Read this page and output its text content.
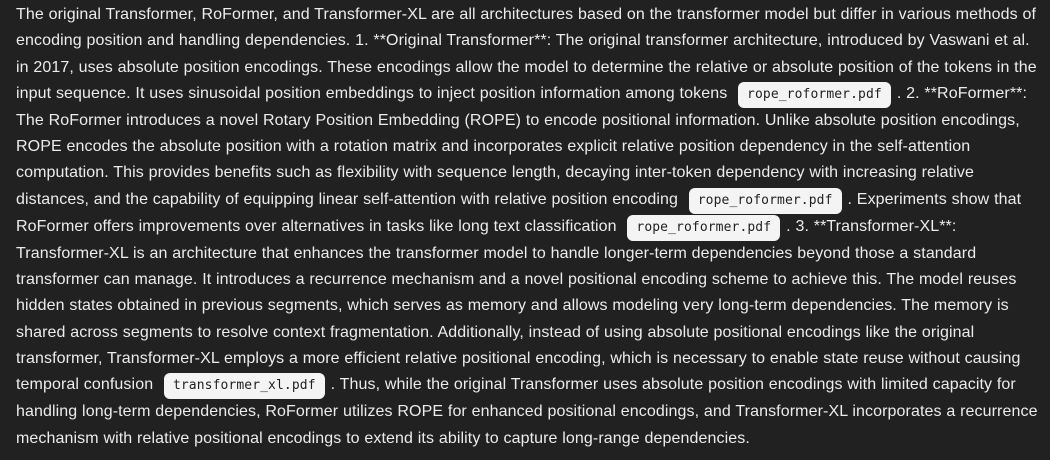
The original Transformer, RoFormer, and Transformer-XL are all architectures based on the transformer model but differ in various methods of encoding position and handling dependencies. 1. **Original Transformer**: The original transformer architecture, introduced by Vaswani et al. in 2017, uses absolute position encodings. These encodings allow the model to determine the relative or absolute position of the tokens in the input sequence. It uses sinusoidal position embeddings to inject position information among tokens rope_roformer.pdf . 2. **RoFormer**: The RoFormer introduces a novel Rotary Position Embedding (ROPE) to encode positional information. Unlike absolute position encodings, ROPE encodes the absolute position with a rotation matrix and incorporates explicit relative position dependency in the self-attention computation. This provides benefits such as flexibility with sequence length, decaying inter-token dependency with increasing relative distances, and the capability of equipping linear self-attention with relative position encoding rope_roformer.pdf . Experiments show that RoFormer offers improvements over alternatives in tasks like long text classification rope_roformer.pdf . 3. **Transformer-XL**: Transformer-XL is an architecture that enhances the transformer model to handle longer-term dependencies beyond those a standard transformer can manage. It introduces a recurrence mechanism and a novel positional encoding scheme to achieve this. The model reuses hidden states obtained in previous segments, which serves as memory and allows modeling very long-term dependencies. The memory is shared across segments to resolve context fragmentation. Additionally, instead of using absolute positional encodings like the original transformer, Transformer-XL employs a more efficient relative positional encoding, which is necessary to enable state reuse without causing temporal confusion transformer_xl.pdf . Thus, while the original Transformer uses absolute position encodings with limited capacity for handling long-term dependencies, RoFormer utilizes ROPE for enhanced positional encodings, and Transformer-XL incorporates a recurrence mechanism with relative positional encodings to extend its ability to capture long-range dependencies.
